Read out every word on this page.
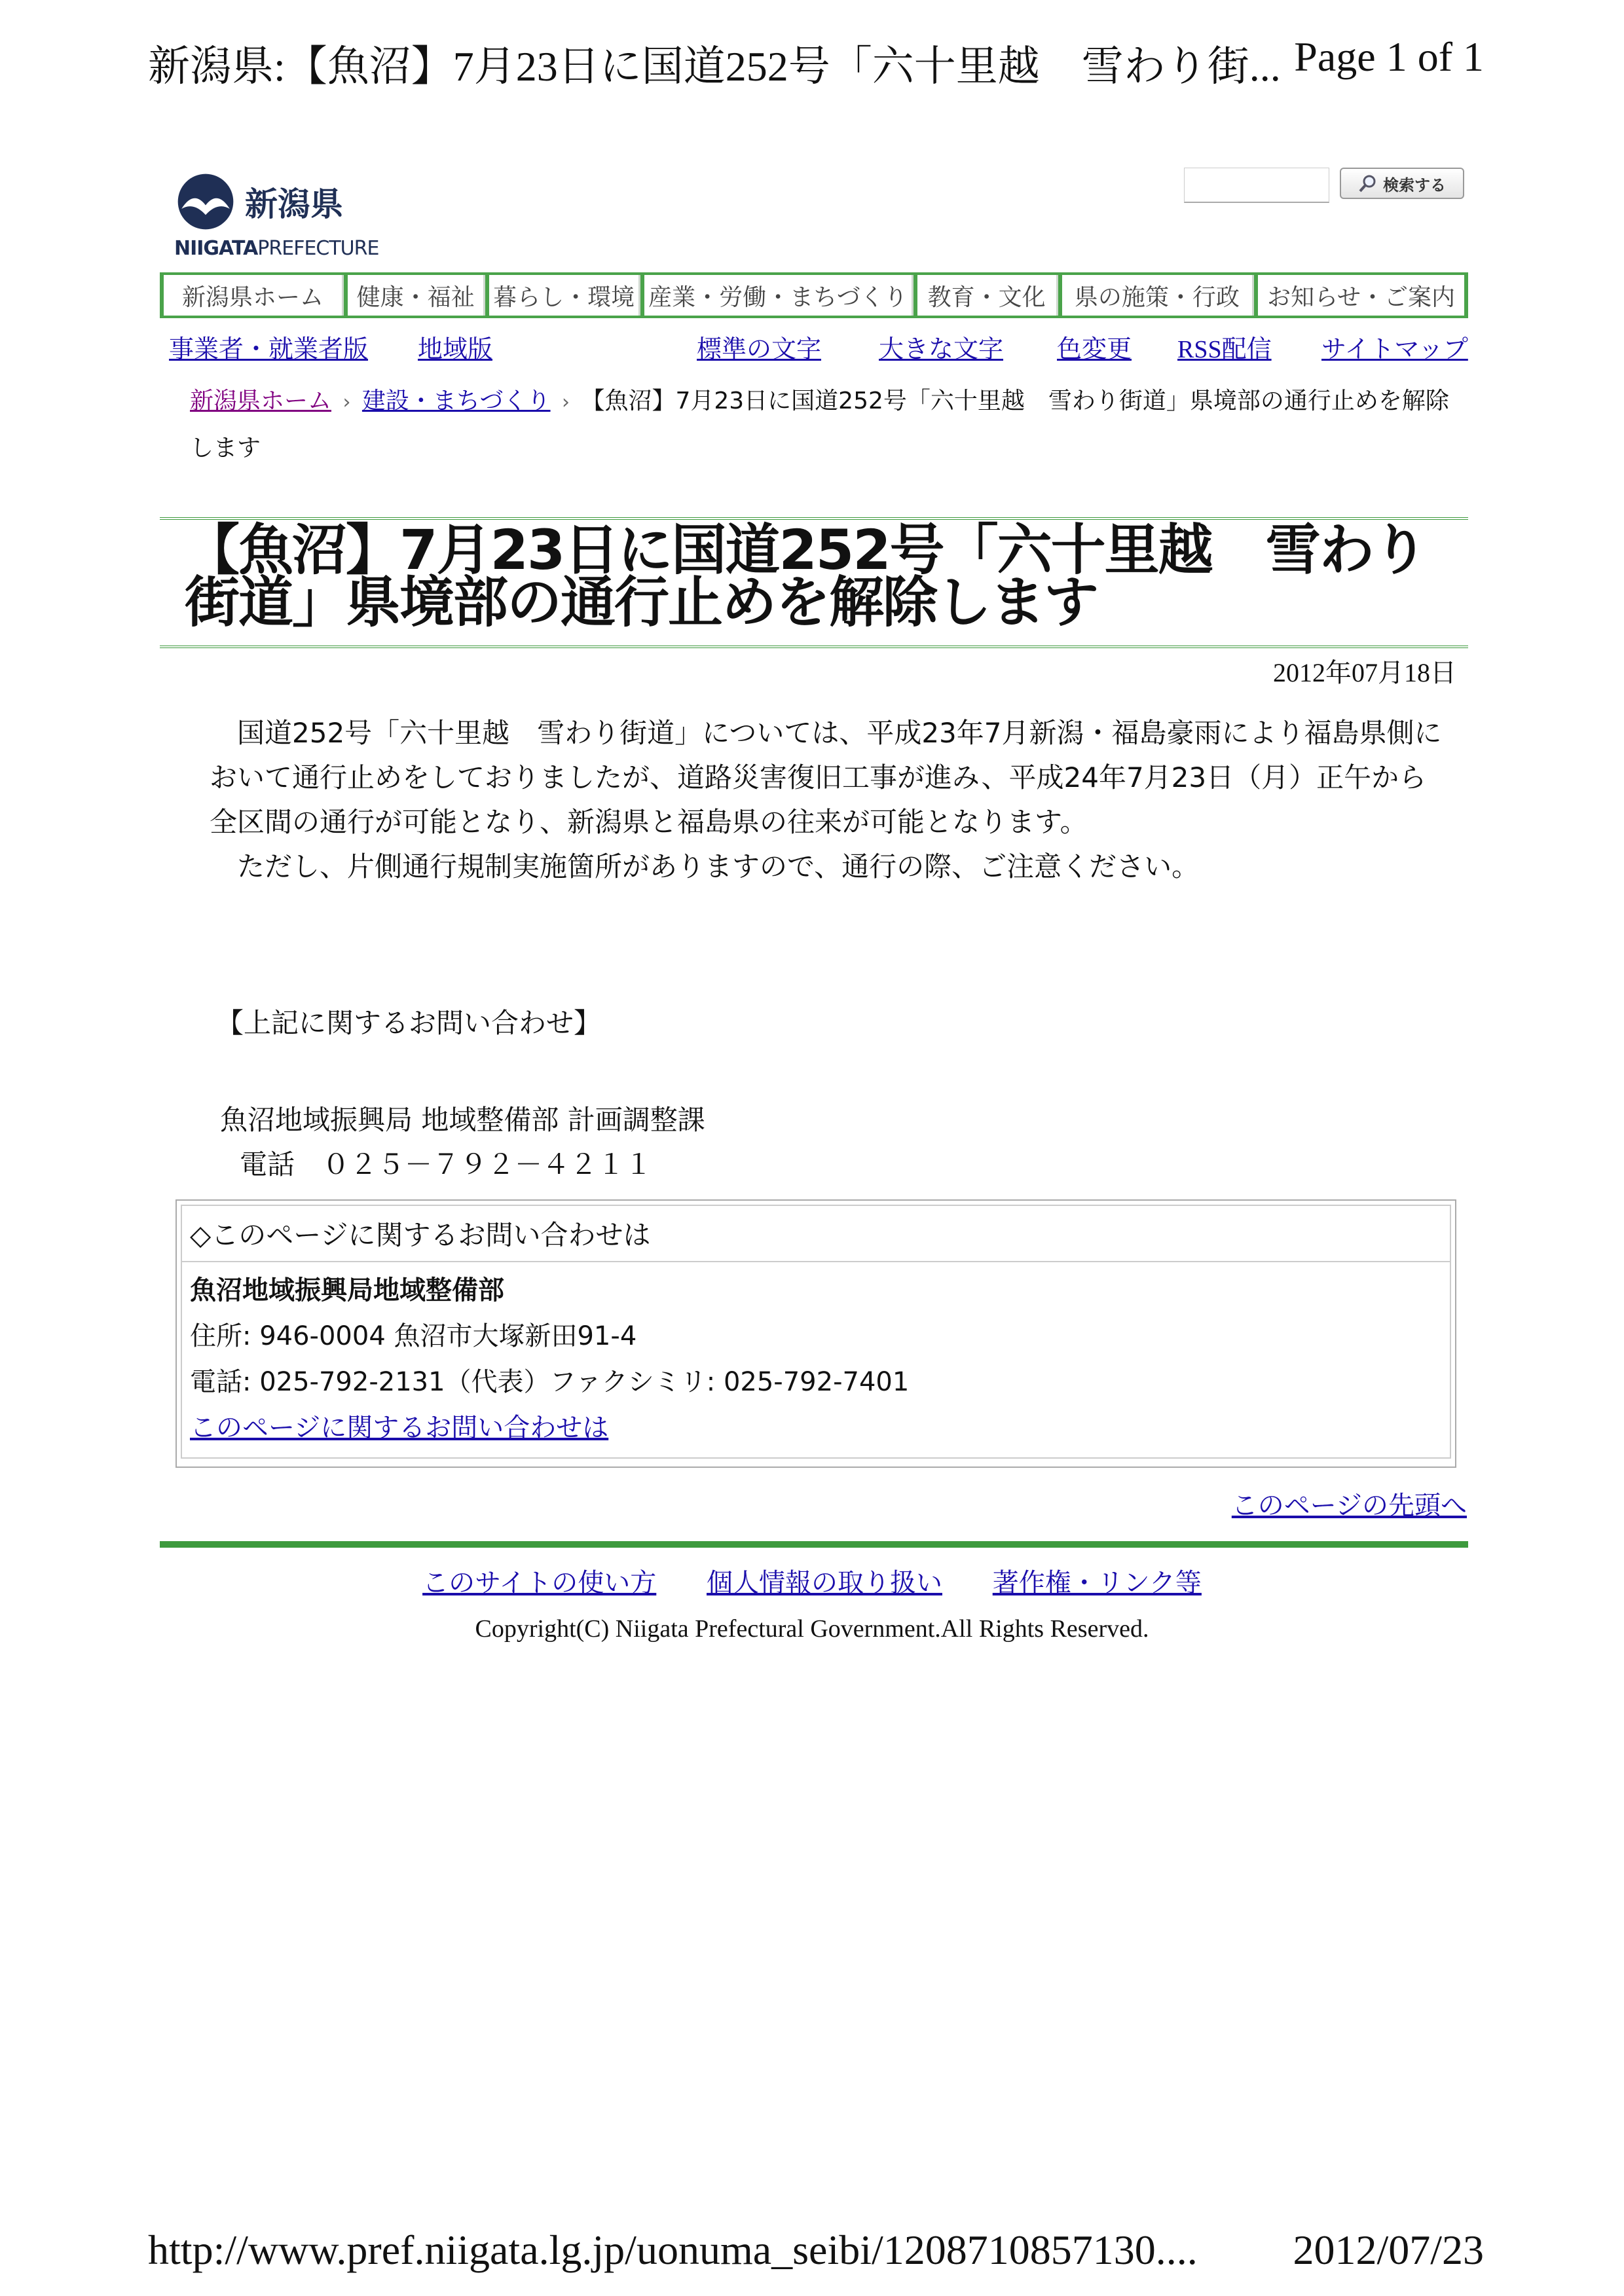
新潟県:【魚沼】7月23日に国道252号「六十里越　雪わり街... Page 1 of 1
新潟県
NIIGATAPREFECTURE
検索する
新潟県ホーム	健康・福祉 暮らし・環境 産業・労働・まちづくり 教育・文化	県の施策・行政	お知らせ・ご案内
事業者・就業者版 地域版	標準の文字 大きな文字 色変更 RSS配信 サイトマップ
新潟県ホーム › 建設・まちづくり › 【魚沼】7月23日に国道252号「六十里越　雪わり街道」県境部の通行止めを解除します
【魚沼】7月23日に国道252号「六十里越　雪わり街道」県境部の通行止めを解除します
2012年07月18日

国道252号「六十里越　雪わり街道」については、平成23年7月新潟・福島豪雨により福島県側において通行止めをしておりましたが、道路災害復旧工事が進み、平成24年7月23日（月）正午から全区間の通行が可能となり、新潟県と福島県の往来が可能となります。

ただし、片側通行規制実施箇所がありますので、通行の際、ご注意ください。

【上記に関するお問い合わせ】
魚沼地域振興局 地域整備部 計画調整課
電話　０２５－７９２－４２１１
◇このページに関するお問い合わせは
魚沼地域振興局地域整備部
住所: 946-0004 魚沼市大塚新田91-4
電話: 025-792-2131（代表）ファクシミリ: 025-792-7401
このページに関するお問い合わせは
このページの先頭へ
このサイトの使い方 個人情報の取り扱い 著作権・リンク等
Copyright(C) Niigata Prefectural Government.All Rights Reserved.
http://www.pref.niigata.lg.jp/uonuma_seibi/1208710857130.... 2012/07/23
